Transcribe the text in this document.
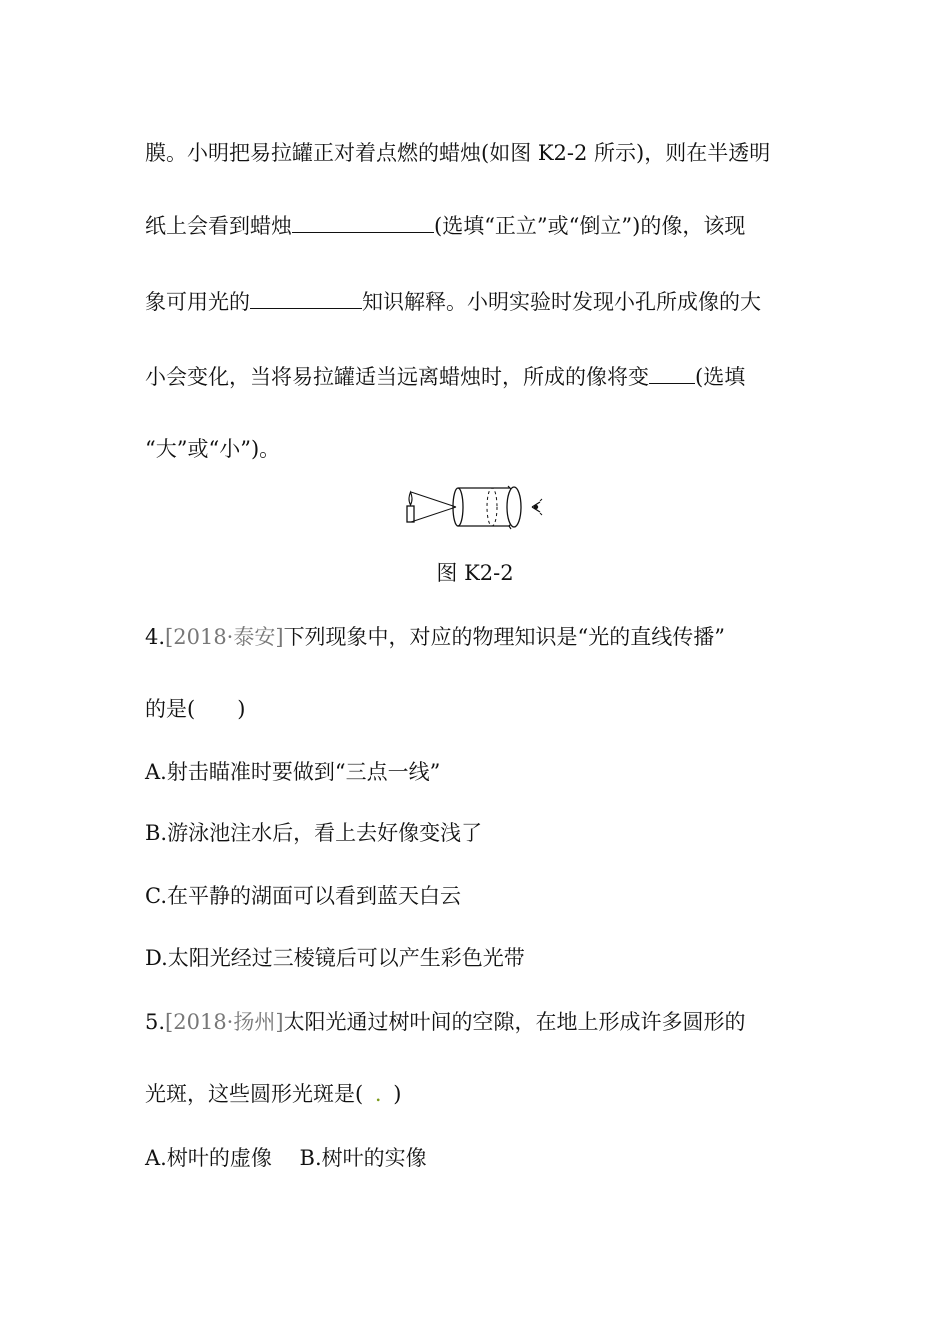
膜。小明把易拉罐正对着点燃的蜡烛(如图 K2-2 所示)，则在半透明
纸上会看到蜡烛	(选填“正立”或“倒立”)的像，该现
象可用光的	知识解释。小明实验时发现小孔所成像的大
小会变化，当将易拉罐适当远离蜡烛时，所成的像将变 (选填
“大”或“小”)。
图 K2-2
4.[2018·泰安]下列现象中，对应的物理知识是“光的直线传播”
的是(　　)
A.射击瞄准时要做到“三点一线”
B.游泳池注水后，看上去好像变浅了
C.在平静的湖面可以看到蓝天白云
D.太阳光经过三棱镜后可以产生彩色光带
5.[2018·扬州]太阳光通过树叶间的空隙，在地上形成许多圆形的
光斑，这些圆形光斑是( . )
A.树叶的虚像　 B.树叶的实像
